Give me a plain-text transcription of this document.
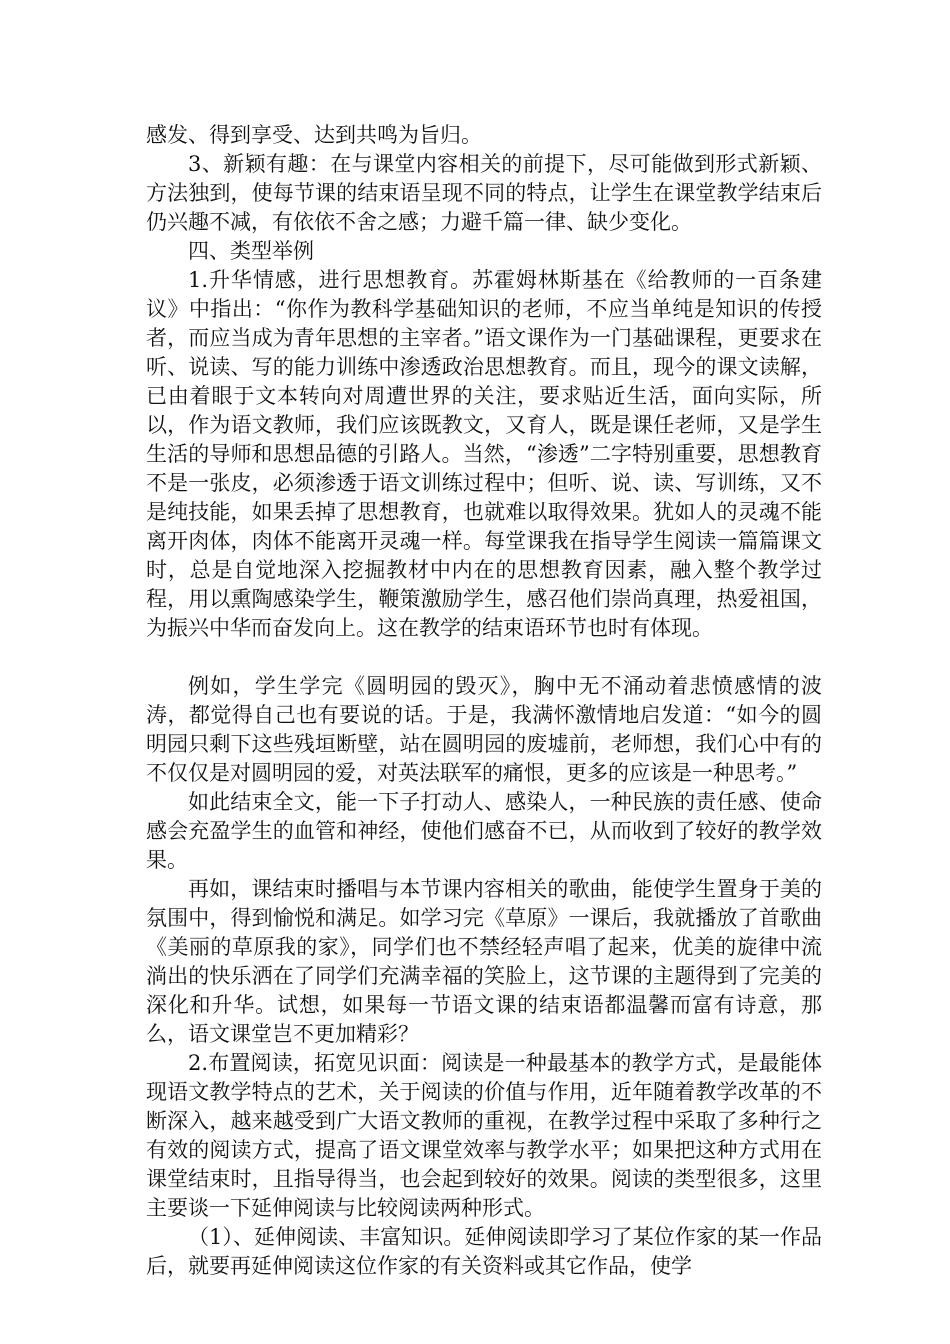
感发、得到享受、达到共鸣为旨归。

3、新颖有趣：在与课堂内容相关的前提下，尽可能做到形式新颖、方法独到，使每节课的结束语呈现不同的特点，让学生在课堂教学结束后仍兴趣不减，有依依不舍之感；力避千篇一律、缺少变化。

四、类型举例

1.升华情感，进行思想教育。苏霍姆林斯基在《给教师的一百条建议》中指出：“你作为教科学基础知识的老师，不应当单纯是知识的传授者，而应当成为青年思想的主宰者。”语文课作为一门基础课程，更要求在听、说读、写的能力训练中渗透政治思想教育。而且，现今的课文读解，已由着眼于文本转向对周遭世界的关注，要求贴近生活，面向实际，所以，作为语文教师，我们应该既教文，又育人，既是课任老师，又是学生生活的导师和思想品德的引路人。当然，“渗透”二字特别重要，思想教育不是一张皮，必须渗透于语文训练过程中；但听、说、读、写训练，又不是纯技能，如果丢掉了思想教育，也就难以取得效果。犹如人的灵魂不能离开肉体，肉体不能离开灵魂一样。每堂课我在指导学生阅读一篇篇课文时，总是自觉地深入挖掘教材中内在的思想教育因素，融入整个教学过程，用以熏陶感染学生，鞭策激励学生，感召他们崇尚真理，热爱祖国，为振兴中华而奋发向上。这在教学的结束语环节也时有体现。

例如，学生学完《圆明园的毁灭》，胸中无不涌动着悲愤感情的波涛，都觉得自己也有要说的话。于是，我满怀激情地启发道：“如今的圆明园只剩下这些残垣断壁，站在圆明园的废墟前，老师想，我们心中有的不仅仅是对圆明园的爱，对英法联军的痛恨，更多的应该是一种思考。”

如此结束全文，能一下子打动人、感染人，一种民族的责任感、使命感会充盈学生的血管和神经，使他们感奋不已，从而收到了较好的教学效果。

再如，课结束时播唱与本节课内容相关的歌曲，能使学生置身于美的氛围中，得到愉悦和满足。如学习完《草原》一课后，我就播放了首歌曲《美丽的草原我的家》，同学们也不禁经轻声唱了起来，优美的旋律中流淌出的快乐洒在了同学们充满幸福的笑脸上，这节课的主题得到了完美的深化和升华。试想，如果每一节语文课的结束语都温馨而富有诗意，那么，语文课堂岂不更加精彩？

2.布置阅读，拓宽见识面：阅读是一种最基本的教学方式，是最能体现语文教学特点的艺术，关于阅读的价值与作用，近年随着教学改革的不断深入，越来越受到广大语文教师的重视，在教学过程中采取了多种行之有效的阅读方式，提高了语文课堂效率与教学水平；如果把这种方式用在课堂结束时，且指导得当，也会起到较好的效果。阅读的类型很多，这里主要谈一下延伸阅读与比较阅读两种形式。

（1）、延伸阅读、丰富知识。延伸阅读即学习了某位作家的某一作品后，就要再延伸阅读这位作家的有关资料或其它作品，使学
